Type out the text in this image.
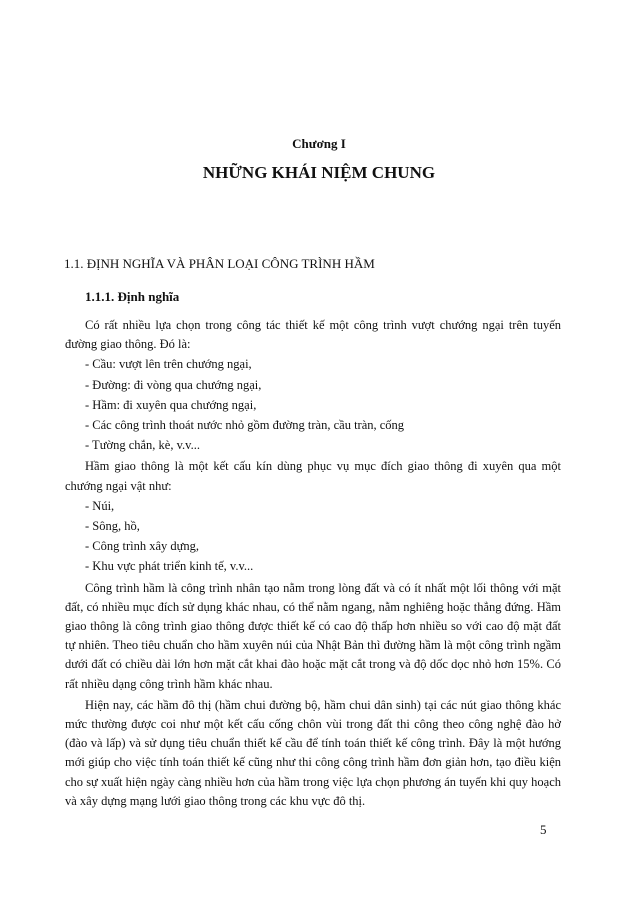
Chương I
NHỮNG KHÁI NIỆM CHUNG
1.1. ĐỊNH NGHĨA VÀ PHÂN LOẠI CÔNG TRÌNH HẦM
1.1.1. Định nghĩa

Có rất nhiều lựa chọn trong công tác thiết kế một công trình vượt chướng ngại trên tuyến đường giao thông. Đó là:

- Cầu: vượt lên trên chướng ngại,

- Đường: đi vòng qua chướng ngại,

- Hầm: đi xuyên qua chướng ngại,

- Các công trình thoát nước nhỏ gồm đường tràn, cầu tràn, cống

- Tường chắn, kè, v.v...

Hầm giao thông là một kết cấu kín dùng phục vụ mục đích giao thông đi xuyên qua một chướng ngại vật như:

- Núi,

- Sông, hồ,

- Công trình xây dựng,

- Khu vực phát triển kinh tế, v.v...

Công trình hầm là công trình nhân tạo nằm trong lòng đất và có ít nhất một lối thông với mặt đất, có nhiều mục đích sử dụng khác nhau, có thể nằm ngang, nằm nghiêng hoặc thẳng đứng. Hầm giao thông là công trình giao thông được thiết kế có cao độ thấp hơn nhiều so với cao độ mặt đất tự nhiên. Theo tiêu chuẩn cho hầm xuyên núi của Nhật Bản thì đường hầm là một công trình ngầm dưới đất có chiều dài lớn hơn mặt cắt khai đào hoặc mặt cắt trong và độ dốc dọc nhỏ hơn 15%. Có rất nhiều dạng công trình hầm khác nhau.

Hiện nay, các hầm đô thị (hầm chui đường bộ, hầm chui dân sinh) tại các nút giao thông khác mức thường được coi như một kết cấu cống chôn vùi trong đất thi công theo công nghệ đào hở (đào và lấp) và sử dụng tiêu chuẩn thiết kế cầu để tính toán thiết kế công trình. Đây là một hướng mới giúp cho việc tính toán thiết kế cũng như thi công công trình hầm đơn giản hơn, tạo điều kiện cho sự xuất hiện ngày càng nhiều hơn của hầm trong việc lựa chọn phương án tuyến khi quy hoạch và xây dựng mạng lưới giao thông trong các khu vực đô thị.

5
